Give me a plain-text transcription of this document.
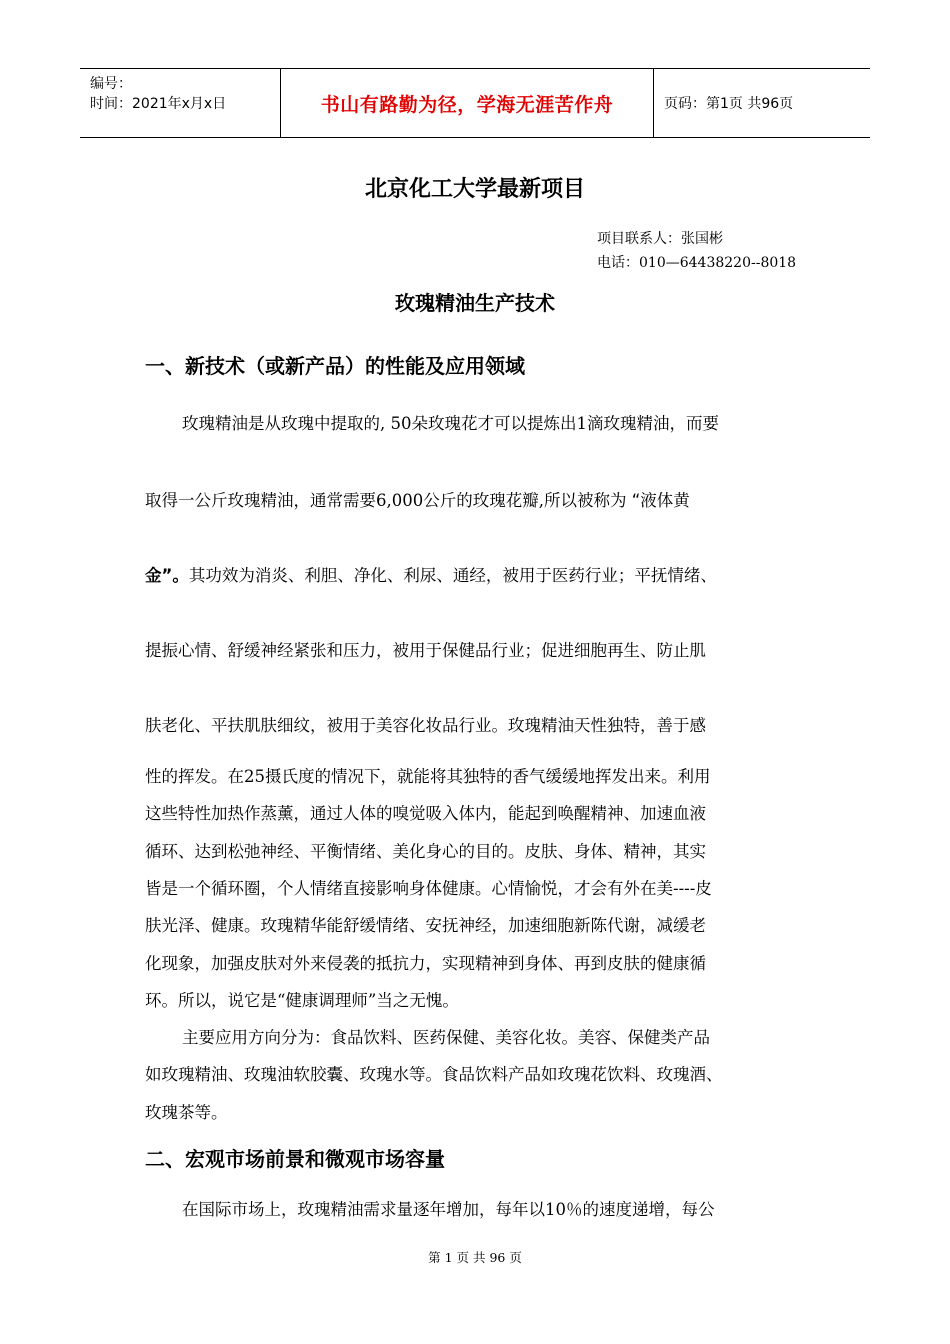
编号：
时间：2021年x月x日	书山有路勤为径，学海无涯苦作舟	页码：第1页 共96页
北京化工大学最新项目
项目联系人：张国彬
电话：010—64438220--8018
玫瑰精油生产技术
一、新技术（或新产品）的性能及应用领域
玫瑰精油是从玫瑰中提取的, 50朵玫瑰花才可以提炼出1滴玫瑰精油，而要
取得一公斤玫瑰精油，通常需要6,000公斤的玫瑰花瓣,所以被称为 “液体黄
金”。其功效为消炎、利胆、净化、利尿、通经，被用于医药行业；平抚情绪、
提振心情、舒缓神经紧张和压力，被用于保健品行业；促进细胞再生、防止肌
肤老化、平扶肌肤细纹，被用于美容化妆品行业。玫瑰精油天性独特，善于感
性的挥发。在25摄氏度的情况下，就能将其独特的香气缓缓地挥发出来。利用
这些特性加热作蒸薰，通过人体的嗅觉吸入体内，能起到唤醒精神、加速血液
循环、达到松弛神经、平衡情绪、美化身心的目的。皮肤、身体、精神，其实
皆是一个循环圈，个人情绪直接影响身体健康。心情愉悦，才会有外在美----皮
肤光泽、健康。玫瑰精华能舒缓情绪、安抚神经，加速细胞新陈代谢，减缓老
化现象，加强皮肤对外来侵袭的抵抗力，实现精神到身体、再到皮肤的健康循
环。所以，说它是“健康调理师”当之无愧。
主要应用方向分为：食品饮料、医药保健、美容化妆。美容、保健类产品
如玫瑰精油、玫瑰油软胶囊、玫瑰水等。食品饮料产品如玫瑰花饮料、玫瑰酒、
玫瑰茶等。
二、宏观市场前景和微观市场容量
在国际市场上，玫瑰精油需求量逐年增加，每年以10％的速度递增，每公
第 1 页 共 96 页
